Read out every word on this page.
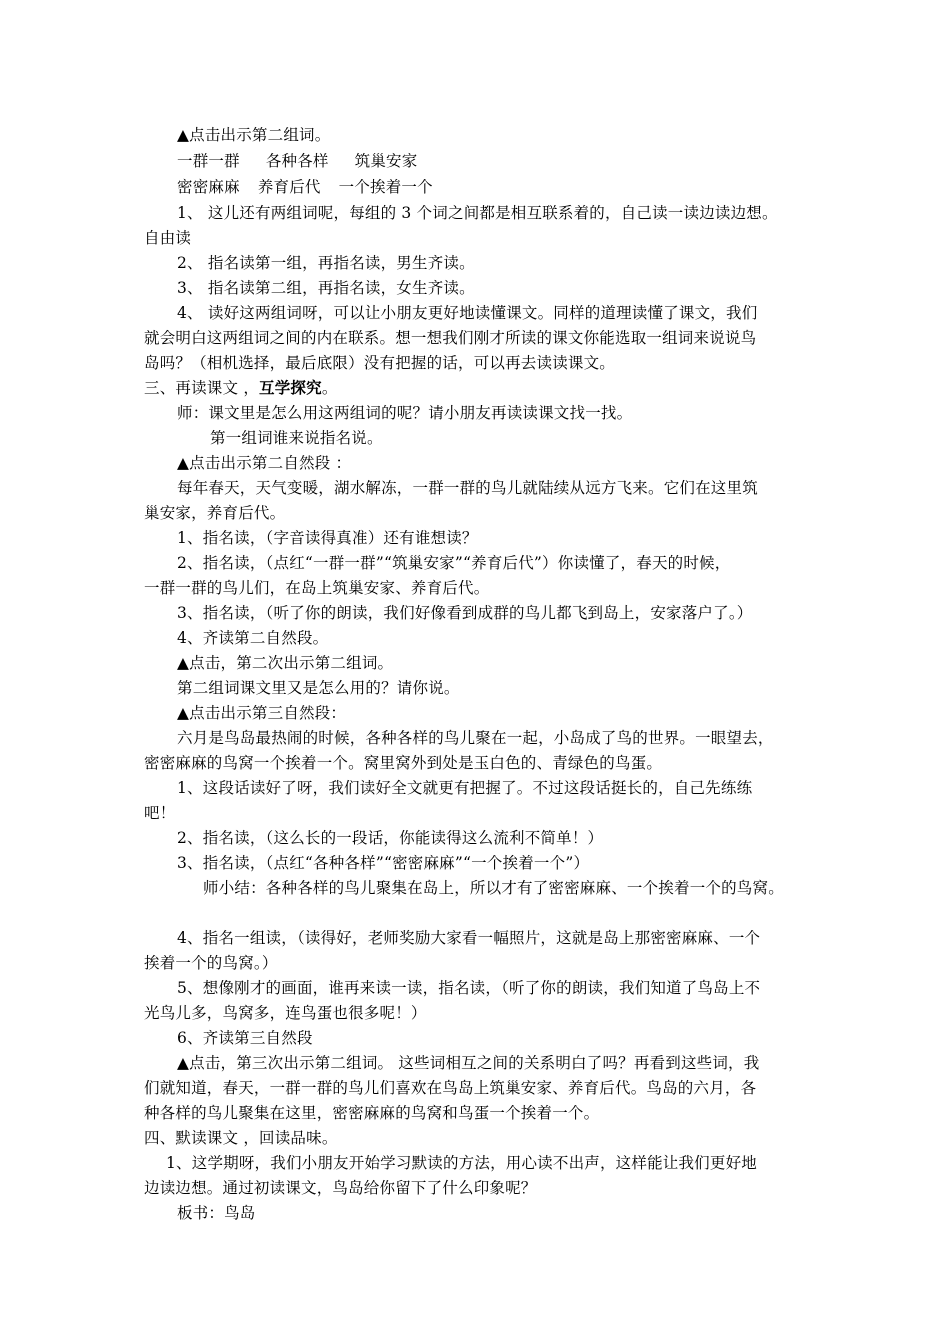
▲点击出示第二组词。
一群一群 各种各样 筑巢安家
密密麻麻 养育后代 一个挨着一个
1、 这儿还有两组词呢，每组的 3 个词之间都是相互联系着的，自己读一读边读边想。
自由读
2、 指名读第一组，再指名读，男生齐读。
3、 指名读第二组，再指名读，女生齐读。
4、 读好这两组词呀，可以让小朋友更好地读懂课文。同样的道理读懂了课文，我们
就会明白这两组词之间的内在联系。想一想我们刚才所读的课文你能选取一组词来说说鸟
岛吗？（相机选择，最后底限）没有把握的话，可以再去读读课文。
三、再读课文 ，互学探究。
师：课文里是怎么用这两组词的呢？请小朋友再读读课文找一找。
第一组词谁来说指名说。
▲点击出示第二自然段 ：
每年春天，天气变暖，湖水解冻，一群一群的鸟儿就陆续从远方飞来。它们在这里筑
巢安家，养育后代。
1、指名读，（字音读得真准）还有谁想读？
2、指名读，（点红“一群一群”“筑巢安家”“养育后代”）你读懂了，春天的时候，
一群一群的鸟儿们，在岛上筑巢安家、养育后代。
3、指名读，（听了你的朗读，我们好像看到成群的鸟儿都飞到岛上，安家落户了。）
4、齐读第二自然段。
▲点击，第二次出示第二组词。
第二组词课文里又是怎么用的？请你说。
▲点击出示第三自然段：
六月是鸟岛最热闹的时候，各种各样的鸟儿聚在一起，小岛成了鸟的世界。一眼望去，
密密麻麻的鸟窝一个挨着一个。窝里窝外到处是玉白色的、青绿色的鸟蛋。
1、这段话读好了呀，我们读好全文就更有把握了。不过这段话挺长的，自己先练练
吧！
2、指名读，（这么长的一段话，你能读得这么流利不简单！）
3、指名读，（点红“各种各样”“密密麻麻”“一个挨着一个”）
师小结：各种各样的鸟儿聚集在岛上，所以才有了密密麻麻、一个挨着一个的鸟窝。
4、指名一组读，（读得好，老师奖励大家看一幅照片，这就是岛上那密密麻麻、一个
挨着一个的鸟窝。）
5、想像刚才的画面，谁再来读一读，指名读，（听了你的朗读，我们知道了鸟岛上不
光鸟儿多，鸟窝多，连鸟蛋也很多呢！）
6、齐读第三自然段
▲点击，第三次出示第二组词。 这些词相互之间的关系明白了吗？再看到这些词，我
们就知道，春天，一群一群的鸟儿们喜欢在鸟岛上筑巢安家、养育后代。鸟岛的六月，各
种各样的鸟儿聚集在这里，密密麻麻的鸟窝和鸟蛋一个挨着一个。
四、默读课文 ，回读品味。
1、这学期呀，我们小朋友开始学习默读的方法，用心读不出声，这样能让我们更好地
边读边想。通过初读课文，鸟岛给你留下了什么印象呢？
板书：鸟岛
